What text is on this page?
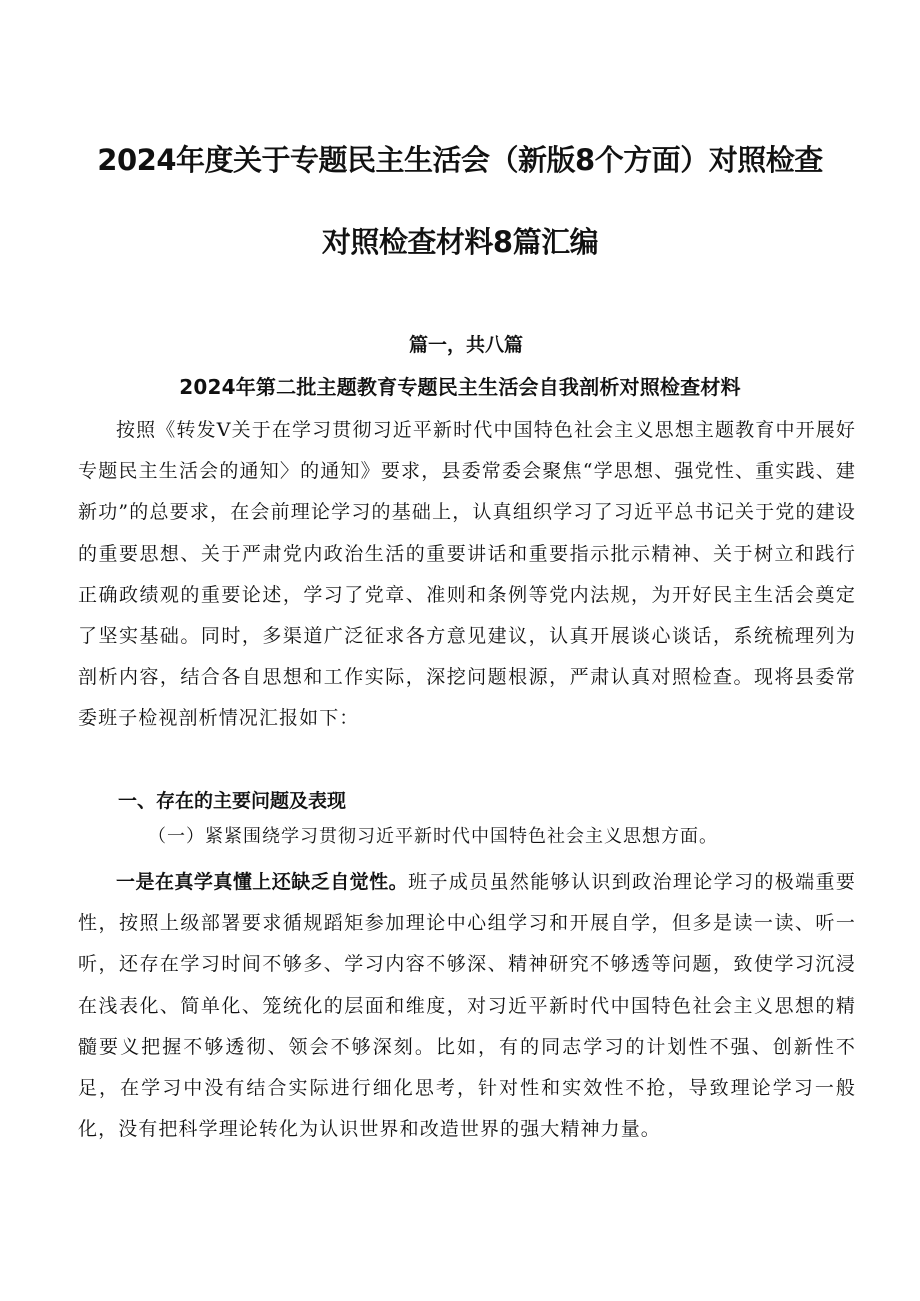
2024年度关于专题民主生活会（新版8个方面）对照检查
对照检查材料8篇汇编
篇一，共八篇
2024年第二批主题教育专题民主生活会自我剖析对照检查材料

按照《转发Ⅴ关于在学习贯彻习近平新时代中国特色社会主义思想主题教育中开展好专题民主生活会的通知〉的通知》要求，县委常委会聚焦“学思想、强党性、重实践、建新功”的总要求，在会前理论学习的基础上，认真组织学习了习近平总书记关于党的建设的重要思想、关于严肃党内政治生活的重要讲话和重要指示批示精神、关于树立和践行正确政绩观的重要论述，学习了党章、准则和条例等党内法规，为开好民主生活会奠定了坚实基础。同时，多渠道广泛征求各方意见建议，认真开展谈心谈话，系统梳理列为剖析内容，结合各自思想和工作实际，深挖问题根源，严肃认真对照检查。现将县委常委班子检视剖析情况汇报如下：

一、存在的主要问题及表现

（一）紧紧围绕学习贯彻习近平新时代中国特色社会主义思想方面。

一是在真学真懂上还缺乏自觉性。班子成员虽然能够认识到政治理论学习的极端重要性，按照上级部署要求循规蹈矩参加理论中心组学习和开展自学，但多是读一读、听一听，还存在学习时间不够多、学习内容不够深、精神研究不够透等问题，致使学习沉浸在浅表化、简单化、笼统化的层面和维度，对习近平新时代中国特色社会主义思想的精髓要义把握不够透彻、领会不够深刻。比如，有的同志学习的计划性不强、创新性不足，在学习中没有结合实际进行细化思考，针对性和实效性不抢，导致理论学习一般化，没有把科学理论转化为认识世界和改造世界的强大精神力量。
